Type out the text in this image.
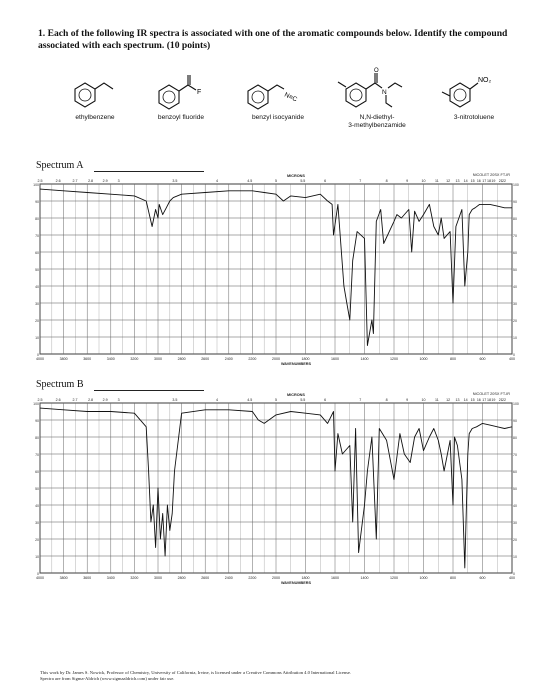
1. Each of the following IR spectra is associated with one of the aromatic compounds below. Identify the compound associated with each spectrum. (10 points)
ethylbenzene
F
benzoyl fluoride
N≡C
benzyl isocyanide
O
N
N,N-diethyl-
3-methylbenzamide
NO₂
3-nitrotoluene
Spectrum A
100	100
90	90
80	80
70	70
60	60
50	50
40	40
30	30
20	20
10	10
0	0
4000	3800	3600	3400	3200	3000	2800	2600	2400	2200	2000	1800	1600	1400	1200	1000	800	600	400
2.5	2.6	2.7	2.8	2.9	3	3.5	4	4.5	5	5.5	6	7	8	9	10	11 12 13 14 15 16 17 18 19 21 22
MICRONS
WAVENUMBERS
NICOLET 20SX FT-IR
Spectrum B
100	100
90	90
80	80
70	70
60	60
50	50
40	40
30	30
20	20
10	10
0	0
4000	3800	3600	3400	3200	3000	2800	2600	2400	2200	2000	1800	1600	1400	1200	1000	800	600	400
2.5	2.6	2.7	2.8	2.9	3	3.5	4	4.5	5	5.5	6	7	8	9	10	11 12 13 14 15 16 17 18 19 21 22
MICRONS
WAVENUMBERS
NICOLET 20SX FT-IR
This work by Dr. James S. Nowick, Professor of Chemistry, University of California, Irvine, is licensed under a Creative Commons Attribution 4.0 International License.
Spectra are from Sigma-Aldrich (www.sigmaaldrich.com) under fair use.
